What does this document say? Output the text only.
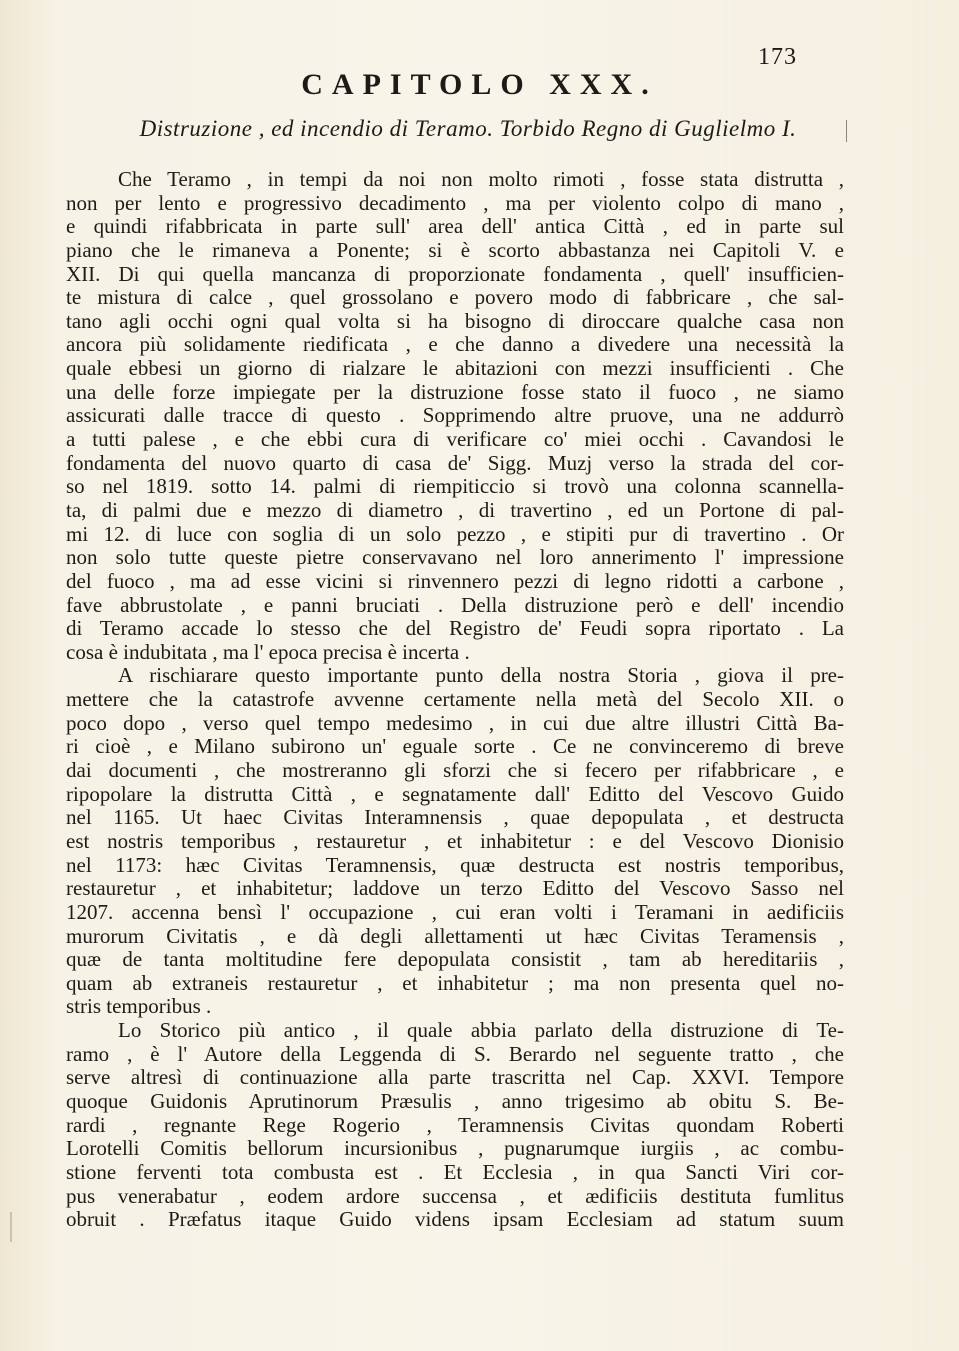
173
CAPITOLO XXX.
Distruzione , ed incendio di Teramo. Torbido Regno di Guglielmo I.
Che Teramo , in tempi da noi non molto rimoti , fosse stata distrutta ,
non per lento e progressivo decadimento , ma per violento colpo di mano ,
e quindi rifabbricata in parte sull' area dell' antica Città , ed in parte sul
piano che le rimaneva a Ponente; si è scorto abbastanza nei Capitoli V. e
XII. Di qui quella mancanza di proporzionate fondamenta , quell' insufficien-
te mistura di calce , quel grossolano e povero modo di fabbricare , che sal-
tano agli occhi ogni qual volta si ha bisogno di diroccare qualche casa non
ancora più solidamente riedificata , e che danno a divedere una necessità la
quale ebbesi un giorno di rialzare le abitazioni con mezzi insufficienti . Che
una delle forze impiegate per la distruzione fosse stato il fuoco , ne siamo
assicurati dalle tracce di questo . Sopprimendo altre pruove, una ne addurrò
a tutti palese , e che ebbi cura di verificare co' miei occhi . Cavandosi le
fondamenta del nuovo quarto di casa de' Sigg. Muzj verso la strada del cor-
so nel 1819. sotto 14. palmi di riempiticcio si trovò una colonna scannella-
ta, di palmi due e mezzo di diametro , di travertino , ed un Portone di pal-
mi 12. di luce con soglia di un solo pezzo , e stipiti pur di travertino . Or
non solo tutte queste pietre conservavano nel loro annerimento l' impressione
del fuoco , ma ad esse vicini si rinvennero pezzi di legno ridotti a carbone ,
fave abbrustolate , e panni bruciati . Della distruzione però e dell' incendio
di Teramo accade lo stesso che del Registro de' Feudi sopra riportato . La
cosa è indubitata , ma l' epoca precisa è incerta .
A rischiarare questo importante punto della nostra Storia , giova il pre-
mettere che la catastrofe avvenne certamente nella metà del Secolo XII. o
poco dopo , verso quel tempo medesimo , in cui due altre illustri Città Ba-
ri cioè , e Milano subirono un' eguale sorte . Ce ne convinceremo di breve
dai documenti , che mostreranno gli sforzi che si fecero per rifabbricare , e
ripopolare la distrutta Città , e segnatamente dall' Editto del Vescovo Guido
nel 1165. Ut haec Civitas Interamnensis , quae depopulata , et destructa
est nostris temporibus , restauretur , et inhabitetur : e del Vescovo Dionisio
nel 1173: hæc Civitas Teramnensis, quæ destructa est nostris temporibus,
restauretur , et inhabitetur; laddove un terzo Editto del Vescovo Sasso nel
1207. accenna bensì l' occupazione , cui eran volti i Teramani in aedificiis
murorum Civitatis , e dà degli allettamenti ut hæc Civitas Teramensis ,
quæ de tanta moltitudine fere depopulata consistit , tam ab hereditariis ,
quam ab extraneis restauretur , et inhabitetur ; ma non presenta quel no-
stris temporibus .
Lo Storico più antico , il quale abbia parlato della distruzione di Te-
ramo , è l' Autore della Leggenda di S. Berardo nel seguente tratto , che
serve altresì di continuazione alla parte trascritta nel Cap. XXVI. Tempore
quoque Guidonis Aprutinorum Præsulis , anno trigesimo ab obitu S. Be-
rardi , regnante Rege Rogerio , Teramnensis Civitas quondam Roberti
Lorotelli Comitis bellorum incursionibus , pugnarumque iurgiis , ac combu-
stione ferventi tota combusta est . Et Ecclesia , in qua Sancti Viri cor-
pus venerabatur , eodem ardore succensa , et ædificiis destituta fumlitus
obruit . Præfatus itaque Guido videns ipsam Ecclesiam ad statum suum
